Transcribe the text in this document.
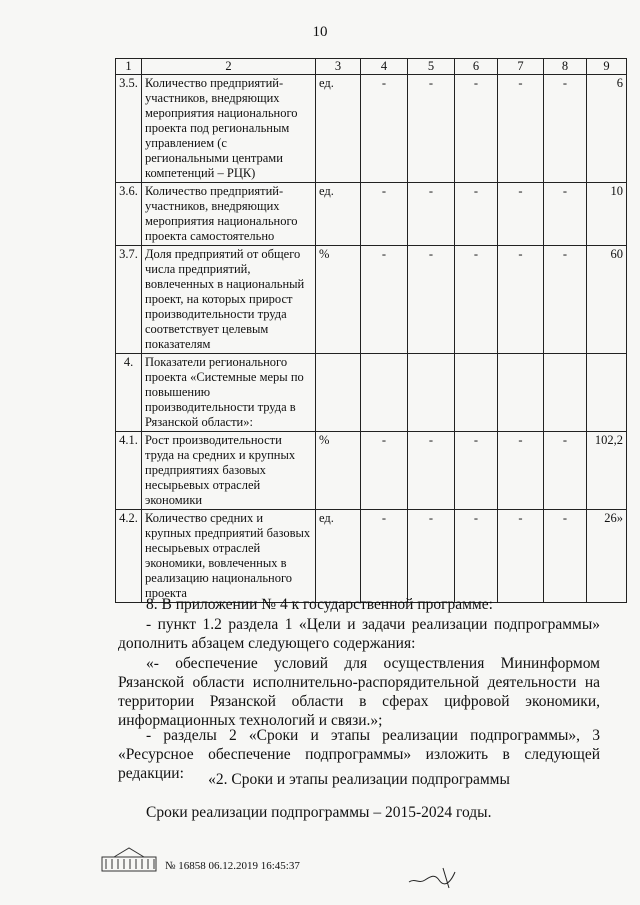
10
1	2	3	4	5	6	7	8	9
3.5.	Количество предприятий-участников, внедряющих мероприятия национального проекта под региональным управлением (с региональными центрами компетенций – РЦК)	ед.	-	-	-	-	-	6
3.6.	Количество предприятий-участников, внедряющих мероприятия национального проекта самостоятельно	ед.	-	-	-	-	-	10
3.7.	Доля предприятий от общего числа предприятий, вовлеченных в национальный проект, на которых прирост производительности труда соответствует целевым показателям	%	-	-	-	-	-	60
4.	Показатели регионального проекта «Системные меры по повышению производительности труда в Рязанской области»:							
4.1.	Рост производительности труда на средних и крупных предприятиях базовых несырьевых отраслей экономики	%	-	-	-	-	-	102,2
4.2.	Количество средних и крупных предприятий базовых несырьевых отраслей экономики, вовлеченных в реализацию национального проекта	ед.	-	-	-	-	-	26»
8. В приложении № 4 к государственной программе:
- пункт 1.2 раздела 1 «Цели и задачи реализации подпрограммы» дополнить абзацем следующего содержания:
«- обеспечение условий для осуществления Мининформом Рязанской области исполнительно-распорядительной деятельности на территории Рязанской области в сферах цифровой экономики, информационных технологий и связи.»;
- разделы 2 «Сроки и этапы реализации подпрограммы», 3 «Ресурсное обеспечение подпрограммы» изложить в следующей редакции:	«2. Сроки и этапы реализации подпрограммы
Сроки реализации подпрограммы – 2015-2024 годы.
№ 16858 06.12.2019 16:45:37
